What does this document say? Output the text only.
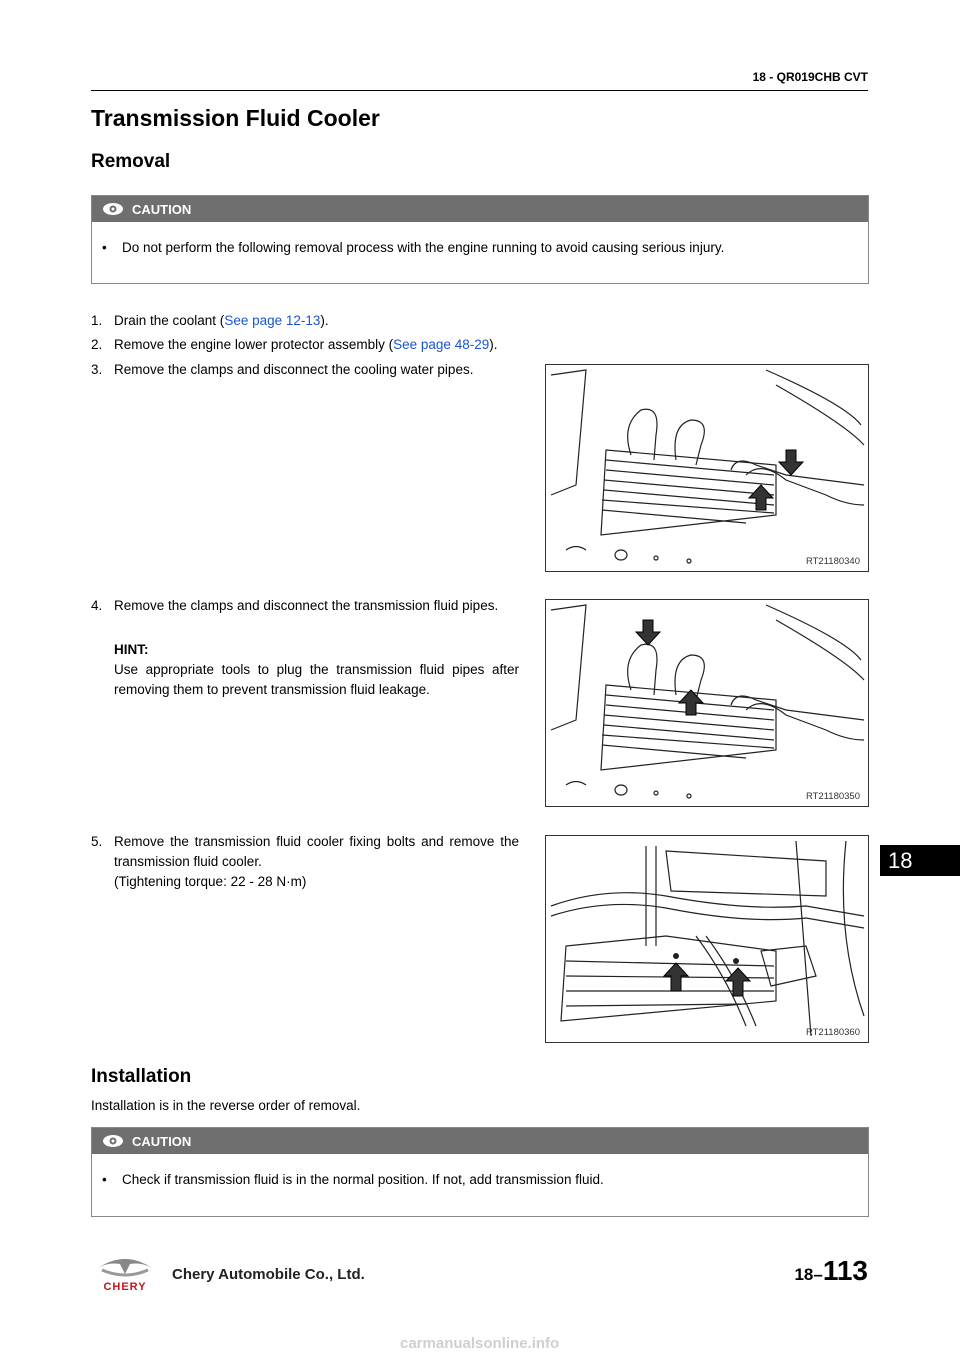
18 - QR019CHB CVT
Transmission Fluid Cooler
Removal
CAUTION
•	Do not perform the following removal process with the engine running to avoid causing serious injury.
1. Drain the coolant (See page 12-13).
2. Remove the engine lower protector assembly (See page 48-29).
3. Remove the clamps and disconnect the cooling water pipes.
RT21180340
4. Remove the clamps and disconnect the transmission fluid pipes.
HINT:
Use appropriate tools to plug the transmission fluid pipes after removing them to prevent transmission fluid leakage.
RT21180350
5. Remove the transmission fluid cooler fixing bolts and remove the transmission fluid cooler.
(Tightening torque: 22 - 28 N·m)
RT21180360
Installation
Installation is in the reverse order of removal.
CAUTION
•	Check if transmission fluid is in the normal position. If not, add transmission fluid.
18
CHERY
Chery Automobile Co., Ltd.	18–113
carmanualsonline.info
